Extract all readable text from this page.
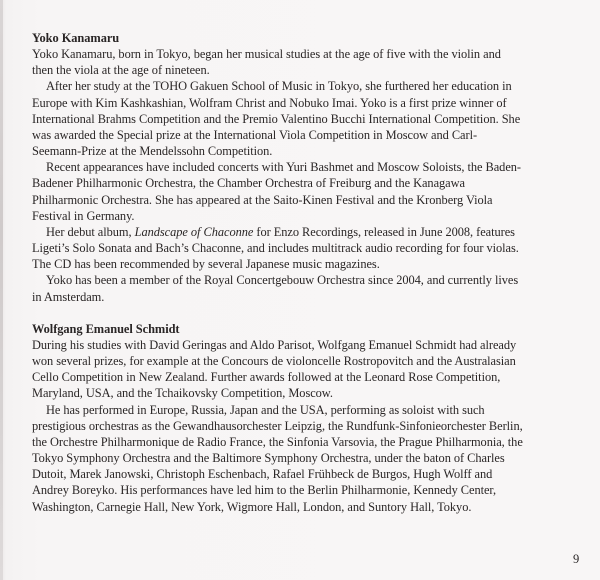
Yoko Kanamaru

Yoko Kanamaru, born in Tokyo, began her musical studies at the age of five with the violin and
then the viola at the age of nineteen.

After her study at the TOHO Gakuen School of Music in Tokyo, she furthered her education in
Europe with Kim Kashkashian, Wolfram Christ and Nobuko Imai. Yoko is a first prize winner of
International Brahms Competition and the Premio Valentino Bucchi International Competition. She
was awarded the Special prize at the International Viola Competition in Moscow and Carl-
Seemann-Prize at the Mendelssohn Competition.

Recent appearances have included concerts with Yuri Bashmet and Moscow Soloists, the Baden-
Badener Philharmonic Orchestra, the Chamber Orchestra of Freiburg and the Kanagawa
Philharmonic Orchestra. She has appeared at the Saito-Kinen Festival and the Kronberg Viola
Festival in Germany.

Her debut album, Landscape of Chaconne for Enzo Recordings, released in June 2008, features
Ligeti’s Solo Sonata and Bach’s Chaconne, and includes multitrack audio recording for four violas.
The CD has been recommended by several Japanese music magazines.

Yoko has been a member of the Royal Concertgebouw Orchestra since 2004, and currently lives
in Amsterdam.

Wolfgang Emanuel Schmidt

During his studies with David Geringas and Aldo Parisot, Wolfgang Emanuel Schmidt had already
won several prizes, for example at the Concours de violoncelle Rostropovitch and the Australasian
Cello Competition in New Zealand. Further awards followed at the Leonard Rose Competition,
Maryland, USA, and the Tchaikovsky Competition, Moscow.

He has performed in Europe, Russia, Japan and the USA, performing as soloist with such
prestigious orchestras as the Gewandhausorchester Leipzig, the Rundfunk-Sinfonieorchester Berlin,
the Orchestre Philharmonique de Radio France, the Sinfonia Varsovia, the Prague Philharmonia, the
Tokyo Symphony Orchestra and the Baltimore Symphony Orchestra, under the baton of Charles
Dutoit, Marek Janowski, Christoph Eschenbach, Rafael Frühbeck de Burgos, Hugh Wolff and
Andrey Boreyko. His performances have led him to the Berlin Philharmonie, Kennedy Center,
Washington, Carnegie Hall, New York, Wigmore Hall, London, and Suntory Hall, Tokyo.

9
